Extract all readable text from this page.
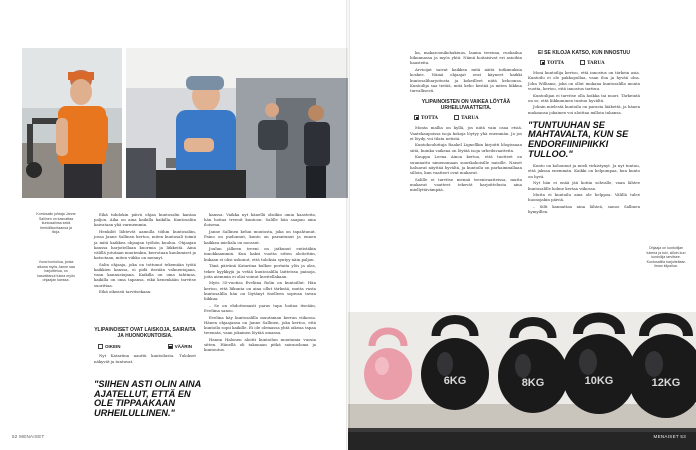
Kuntosalin johtaja Janne Sallinen on kasvattaa kuntosalinsa sekä henkilökuntaansa ja tiloja.
Vuosi kuntoilua, jonka aikana myös Janne saa harjoittelua, on kasvattanut tukea myös ohjaajan kanssa.

Eikä tuhdokin päivä ohjaa kuntosalin kantaa paljon. Aika on aina kaikilla kaikilla. Kuntosaliin kaivataan yhä varmemmin.

Henkilöt lähtevät aamulla töihin kuntosaliin, jossa Janne Sallinen kertoo, miten kuntosali toimii ja mitä kaikkea ohjaajan työhön kuuluu. Ohjaajan kanssa harjoitellaan kuormia ja liikkeitä. Aina välillä jututaan muutenkin, kerrotaan kuulumiset ja katsotaan, miten viikko on mennyt.

Salin ohjaaja, joka on tottunut tekemään työtä kaikkien kanssa, ei pidä itseään valmentajana, vaan kannustajana. Kaikilla on oma tahtinsa, kaikilla on oma tapansa, eikä kenenkään tarvitse suorittaa.

Eikä oikeasti tarvitsekaan.

YLIPAINOISET OVAT LAISKOJA, SAIRAITA JA HUONOKUNTOISIA.
OIKEIN	VÄÄRIN

Nyt Katariina nauttii kuntoilusta. Tulokset näkyvät ja tuntuvat.

"SIIHEN ASTI OLIN AINA AJATELLUT, ETTÄ EN OLE TIPPAAKAAN URHEILULLINEN."

kanssa. Vaikka nyt hänellä olisikin omia haasteita, hän hoitaa treenit kuntoon. Salille hän saapuu aina iloisena.

Janne Sallinen kehui muutosta, joka on tapahtunut. Paino on pudonnut, kunto on parantunut ja ennen kaikkea mieliala on noussut.

Joulun jälkeen treeni on jatkunut entistäkin innokkaammin. Kun kaksi vuotta sitten aloitettiin, kukaan ei olisi uskonut, että tuloksia syntyy näin paljon.

Tänä päivänä Katariina kulkee portaita ylös ja alas, tekee kyykkyjä ja vetää kuntosalilla laitteissa painoja, joita aiemmin ei olisi voinut kuvitellakaan.

Myös 35-vuotias Eveliina Rolin on kuntoillut. Hän kertoo, että liikunta on aina ollut tärkeää, mutta vasta kuntosalilla hän on löytänyt itselleen sopivan tavan liikkua.

– Se on ehdottomasti paras tapa hoitaa itseään, Eveliina sanoo.

Evelina käy kuntosalilla muutaman kerran viikossa. Hänen ohjaajansa on Janne Sallinen, joka kertoo, että kuntoilu sopii kaikille. Ei ole olemassa yhtä oikeaa tapaa treenata, vaan jokainen löytää omansa.

Hanna Halonen aloitti kuntoilun muutamia vuosia sitten. Hänellä oli takanaan pitkä sairausloma ja kuntoutus.

52 MENAISET

ka, makaroonikohakiuus, laama treenaa, ruokailua liikunnassa ja myös yhtä. Nämä hoitaisivat eri asioihin haasteita.

Arvioijat saivat kaikkea mitä näitä tutkimuksia koskee. Nämä ohjaajat ovat käyneet kaikki kuntosaliharjoitusta ja kokeilleet niitä kehoonsa. Kuntoilija saa tietää, mitä keho kestää ja miten liikkua turvallisesti.

YLIPAINOISTEN ON VAIKEA LÖYTÄÄ URHEILUVAATTEITA.
TOTTA	TARUA

Monta mallia on kyllä, jos niitä vain osaa etsiä. Vaatekaupoissa isoja kokoja löytyy yhä enemmän. Ja jos ei löydy, voi tilata netistä.

Kuntokouluttaja Raakel Lignellkin kirjoitti blogissaan siitä, kuinka vaikeaa on löytää isoja urheiluvaatteita.

Kauppa Leena Ainoa kertoo, että tuotteet on suunnattu nimenomaan suurikokoisille naisille. Naiset haluavat näyttää hyvältä, ja kuntoilu on parhaimmillaan silloin, kun vaatteet ovat mukavat.

Salille ei tarvitse mennä treenivaatteissa, mutta mukavat vaatteet tekevät harjoittelusta aina miellyttävämpää.

EI SE KILOJA KATSO, KUN INNOSTUU
TOTTA	TARUA

Moni kuntoilija kertoo, että innostus on tärkein asia. Kuntoilu ei ole pakkopullaa, vaan iloa ja hyvää oloa. John Williams, joka on ollut mukana kuntosalilla monta vuotta, kertoo, että innostus tarttuu.

Kuntoilijan ei tarvitse olla hoikka tai nuori. Tärkeintä on se, että liikkuminen tuntuu hyvältä.

Johnin mielestä kuntoilu on parasta lääkettä, ja hänen mukaansa jokainen voi aloittaa milloin tahansa.

"TUNTUUHAN SE MAHTAVALTA, KUN SE ENDORFIINIPIIKKI TULLOO."

Kunto on kohonnut ja mieli virkistynyt. Ja nyt tuntuu, että jaksaa enemmän. Kaikki on helpompaa, kun kunto on hyvä.

Nyt hän ei enää jää kotiin sohvalle, vaan lähtee kuntosalille kolme kertaa viikossa.

Mutta ei kuntoilu aina ole helppoa. Välillä tulee huonojakin päiviä.

– Silti kannattaa aina lähteä, sanoo Sallinen hymyillen.

Ohjaaja on kuntoilijan tukena ja tuki, silloin kun kuntoilija tarvitsee. Kuntosalilla harjoitellaan ilman kilpailua.
6KG	8KG	10KG	12KG
MENAISET 53
